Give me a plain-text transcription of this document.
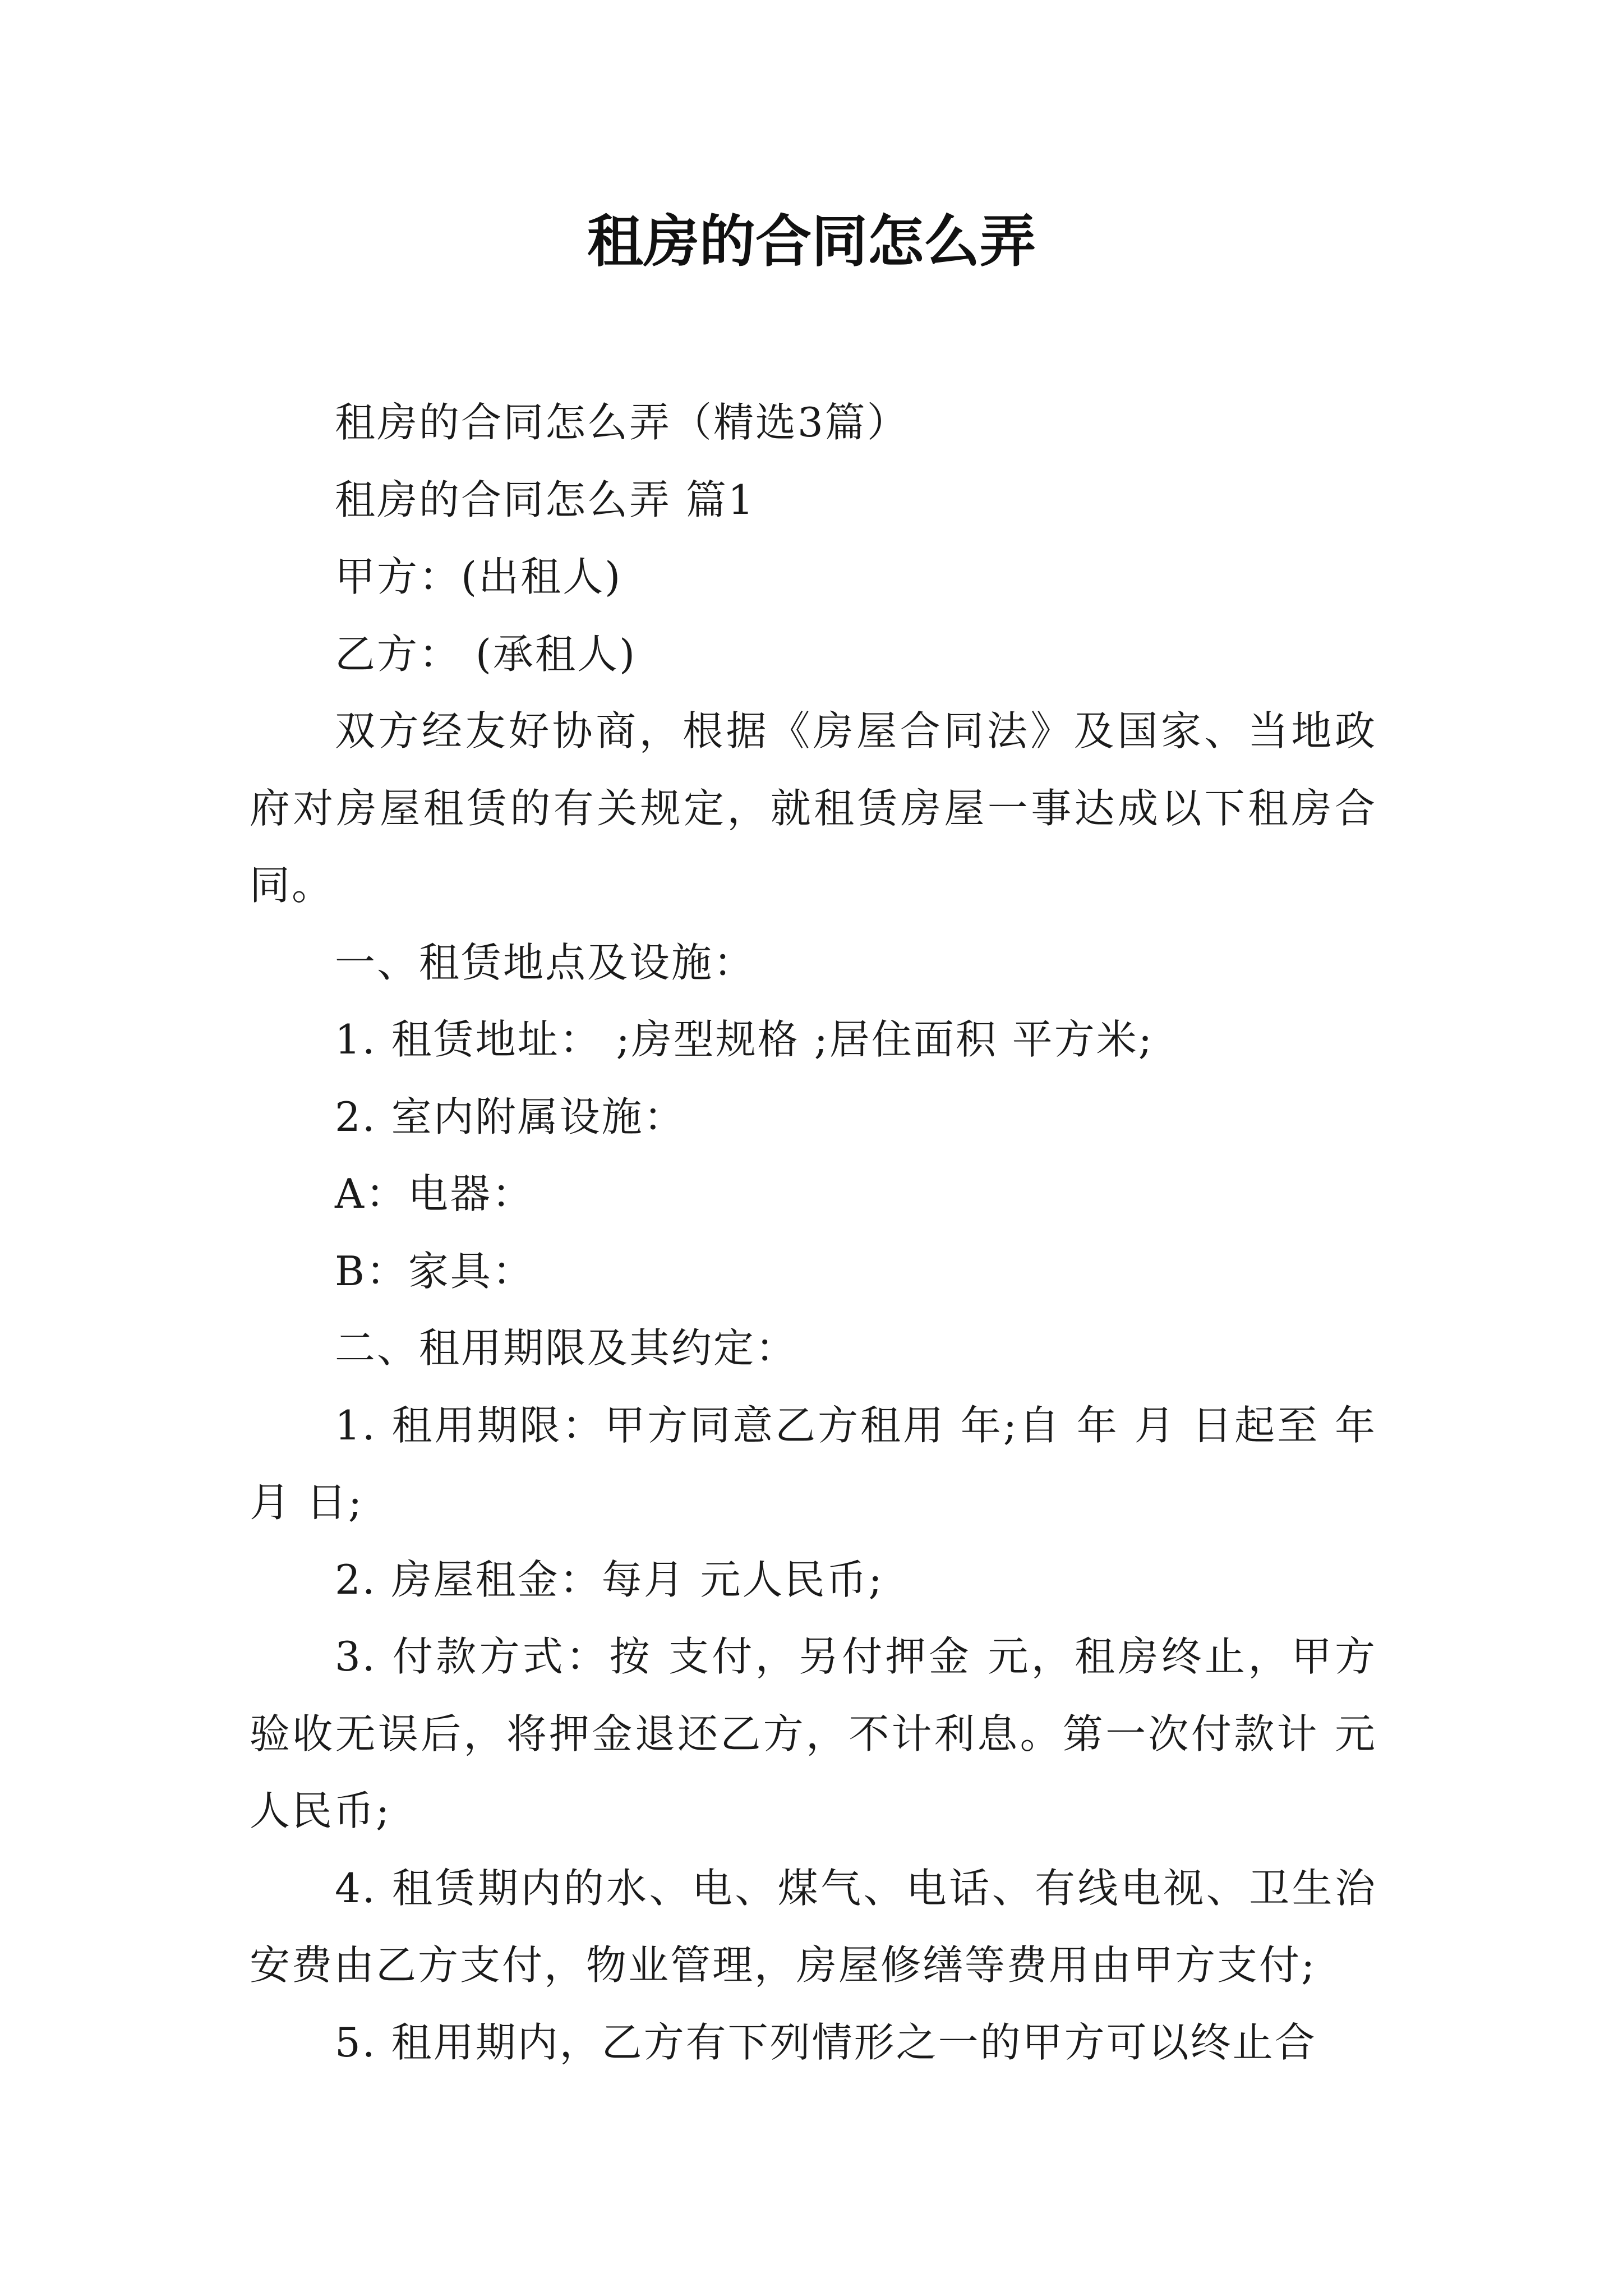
租房的合同怎么弄

租房的合同怎么弄（精选3篇）

租房的合同怎么弄 篇1

甲方：(出租人)

乙方： (承租人)

双方经友好协商，根据《房屋合同法》及国家、当地政府对房屋租赁的有关规定，就租赁房屋一事达成以下租房合同。

一、租赁地点及设施：

1. 租赁地址： ;房型规格 ;居住面积 平方米;

2. 室内附属设施：

A：电器：

B：家具：

二、租用期限及其约定：

1. 租用期限：甲方同意乙方租用 年;自 年 月 日起至 年 月 日;

2. 房屋租金：每月 元人民币;

3. 付款方式：按 支付，另付押金 元，租房终止，甲方验收无误后，将押金退还乙方，不计利息。第一次付款计 元人民币;

4. 租赁期内的水、电、煤气、电话、有线电视、卫生治安费由乙方支付，物业管理，房屋修缮等费用由甲方支付;

5. 租用期内，乙方有下列情形之一的甲方可以终止合
